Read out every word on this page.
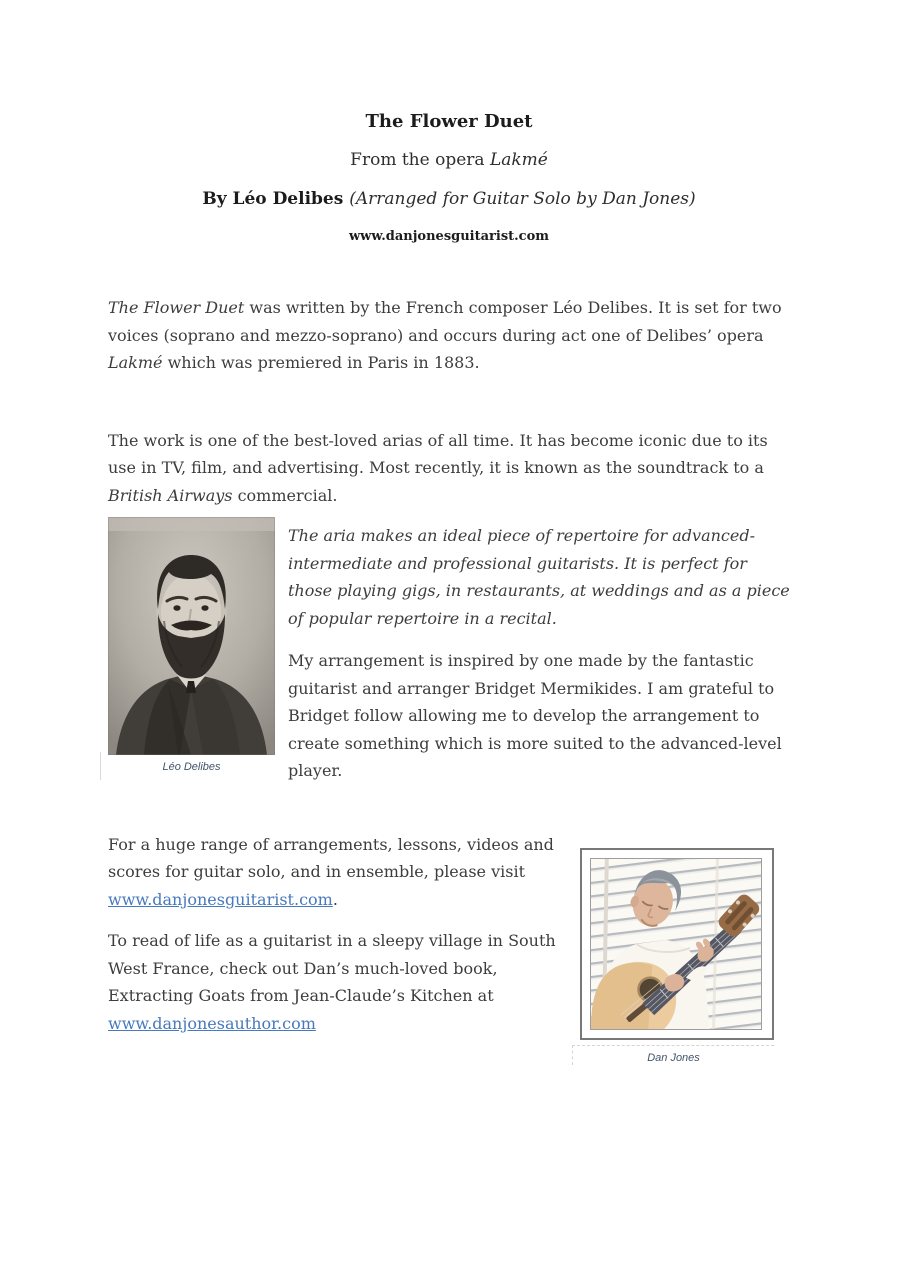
The Flower Duet

From the opera Lakmé

By Léo Delibes (Arranged for Guitar Solo by Dan Jones)

www.danjonesguitarist.com

The Flower Duet was written by the French composer Léo Delibes. It is set for two voices (soprano and mezzo-soprano) and occurs during act one of Delibes’ opera Lakmé which was premiered in Paris in 1883.

The work is one of the best-loved arias of all time. It has become iconic due to its use in TV, film, and advertising. Most recently, it is known as the soundtrack to a British Airways commercial.

Léo Delibes

The aria makes an ideal piece of repertoire for advanced-intermediate and professional guitarists. It is perfect for those playing gigs, in restaurants, at weddings and as a piece of popular repertoire in a recital.

My arrangement is inspired by one made by the fantastic guitarist and arranger Bridget Mermikides. I am grateful to Bridget follow allowing me to develop the arrangement to create something which is more suited to the advanced-level player.

For a huge range of arrangements, lessons, videos and scores for guitar solo, and in ensemble, please visit www.danjonesguitarist.com.

To read of life as a guitarist in a sleepy village in South West France, check out Dan’s much-loved book, Extracting Goats from Jean-Claude’s Kitchen at www.danjonesauthor.com

Dan Jones
